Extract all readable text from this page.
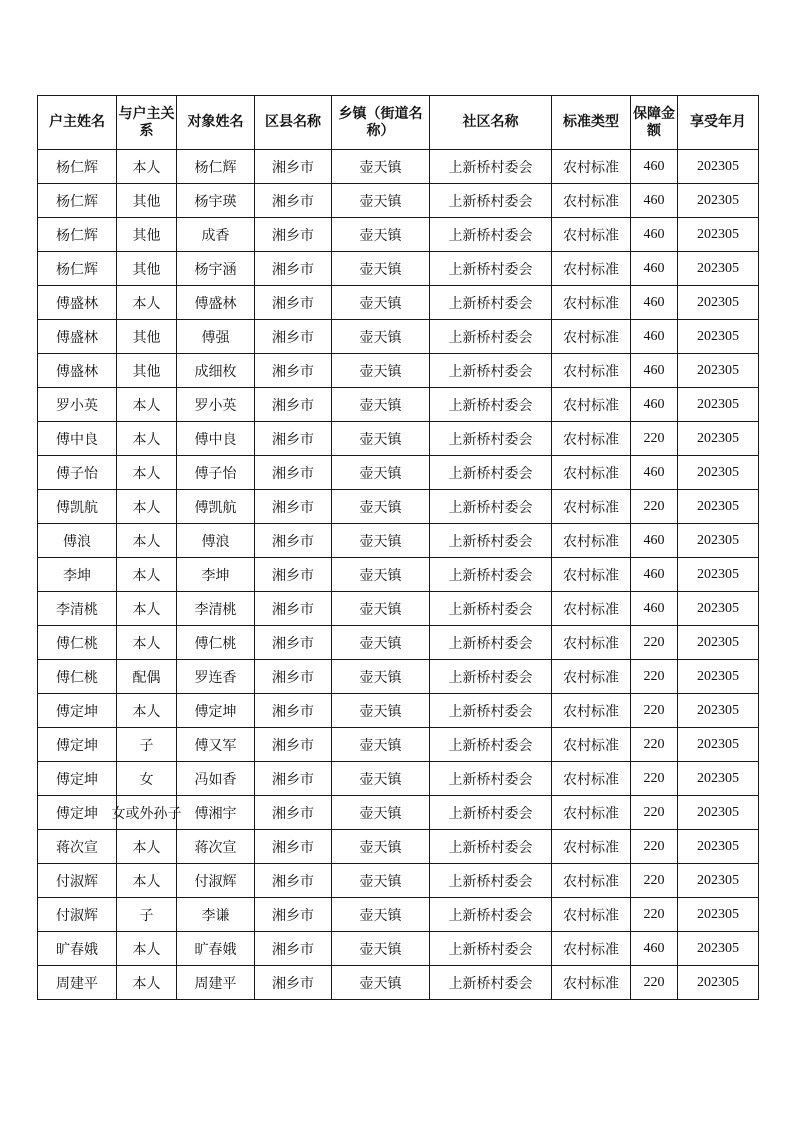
户主姓名	与户主关系	对象姓名	区县名称	乡镇（街道名称）	社区名称	标准类型	保障金额	享受年月
杨仁辉	本人	杨仁辉	湘乡市	壶天镇	上新桥村委会	农村标准	460	202305
杨仁辉	其他	杨宇瑛	湘乡市	壶天镇	上新桥村委会	农村标准	460	202305
杨仁辉	其他	成香	湘乡市	壶天镇	上新桥村委会	农村标准	460	202305
杨仁辉	其他	杨宇涵	湘乡市	壶天镇	上新桥村委会	农村标准	460	202305
傅盛林	本人	傅盛林	湘乡市	壶天镇	上新桥村委会	农村标准	460	202305
傅盛林	其他	傅强	湘乡市	壶天镇	上新桥村委会	农村标准	460	202305
傅盛林	其他	成细枚	湘乡市	壶天镇	上新桥村委会	农村标准	460	202305
罗小英	本人	罗小英	湘乡市	壶天镇	上新桥村委会	农村标准	460	202305
傅中良	本人	傅中良	湘乡市	壶天镇	上新桥村委会	农村标准	220	202305
傅子怡	本人	傅子怡	湘乡市	壶天镇	上新桥村委会	农村标准	460	202305
傅凯航	本人	傅凯航	湘乡市	壶天镇	上新桥村委会	农村标准	220	202305
傅浪	本人	傅浪	湘乡市	壶天镇	上新桥村委会	农村标准	460	202305
李坤	本人	李坤	湘乡市	壶天镇	上新桥村委会	农村标准	460	202305
李清桃	本人	李清桃	湘乡市	壶天镇	上新桥村委会	农村标准	460	202305
傅仁桃	本人	傅仁桃	湘乡市	壶天镇	上新桥村委会	农村标准	220	202305
傅仁桃	配偶	罗连香	湘乡市	壶天镇	上新桥村委会	农村标准	220	202305
傅定坤	本人	傅定坤	湘乡市	壶天镇	上新桥村委会	农村标准	220	202305
傅定坤	子	傅又军	湘乡市	壶天镇	上新桥村委会	农村标准	220	202305
傅定坤	女	冯如香	湘乡市	壶天镇	上新桥村委会	农村标准	220	202305
傅定坤	女或外孙子	傅湘宇	湘乡市	壶天镇	上新桥村委会	农村标准	220	202305
蒋次宣	本人	蒋次宣	湘乡市	壶天镇	上新桥村委会	农村标准	220	202305
付淑辉	本人	付淑辉	湘乡市	壶天镇	上新桥村委会	农村标准	220	202305
付淑辉	子	李谦	湘乡市	壶天镇	上新桥村委会	农村标准	220	202305
旷春娥	本人	旷春娥	湘乡市	壶天镇	上新桥村委会	农村标准	460	202305
周建平	本人	周建平	湘乡市	壶天镇	上新桥村委会	农村标准	220	202305
